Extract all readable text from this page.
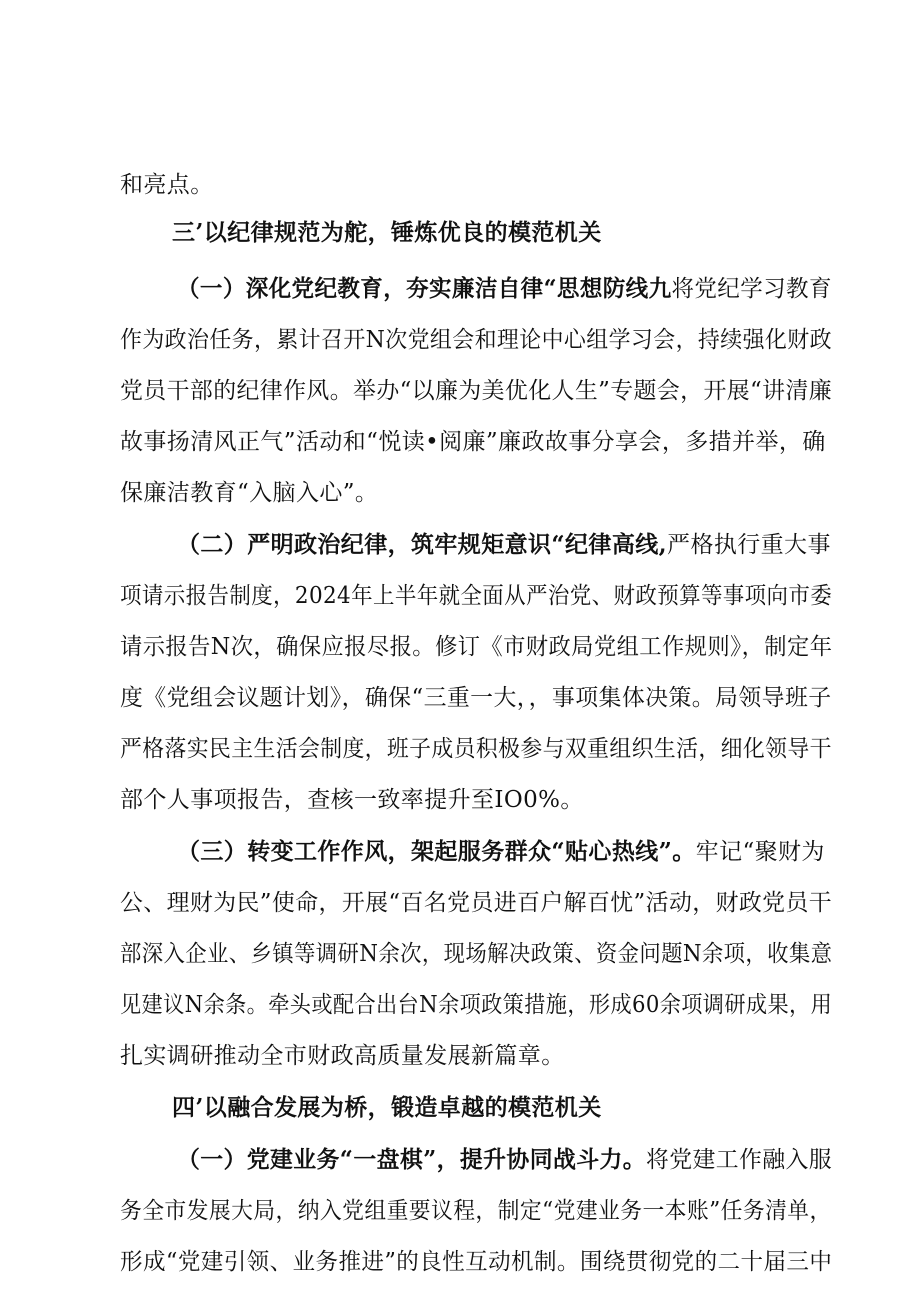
和亮点。
三’以纪律规范为舵，锤炼优良的模范机关
（一）深化党纪教育，夯实廉洁自律“思想防线九将党纪学习教育
作为政治任务，累计召开N次党组会和理论中心组学习会，持续强化财政
党员干部的纪律作风。举办“以廉为美优化人生”专题会，开展“讲清廉
故事扬清风正气”活动和“悦读•阅廉”廉政故事分享会，多措并举，确
保廉洁教育“入脑入心”。
（二）严明政治纪律，筑牢规矩意识“纪律高线,严格执行重大事
项请示报告制度，2024年上半年就全面从严治党、财政预算等事项向市委
请示报告N次，确保应报尽报。修订《市财政局党组工作规则》，制定年
度《党组会议题计划》，确保“三重一大，，事项集体决策。局领导班子
严格落实民主生活会制度，班子成员积极参与双重组织生活，细化领导干
部个人事项报告，查核一致率提升至IO0%。
（三）转变工作作风，架起服务群众“贴心热线”。牢记“聚财为
公、理财为民”使命，开展“百名党员进百户解百忧”活动，财政党员干
部深入企业、乡镇等调研N余次，现场解决政策、资金问题N余项，收集意
见建议N余条。牵头或配合出台N余项政策措施，形成60余项调研成果，用
扎实调研推动全市财政高质量发展新篇章。
四’以融合发展为桥，锻造卓越的模范机关
（一）党建业务“一盘棋”，提升协同战斗力。将党建工作融入服
务全市发展大局，纳入党组重要议程，制定“党建业务一本账”任务清单，
形成“党建引领、业务推进”的良性互动机制。围绕贯彻党的二十届三中
